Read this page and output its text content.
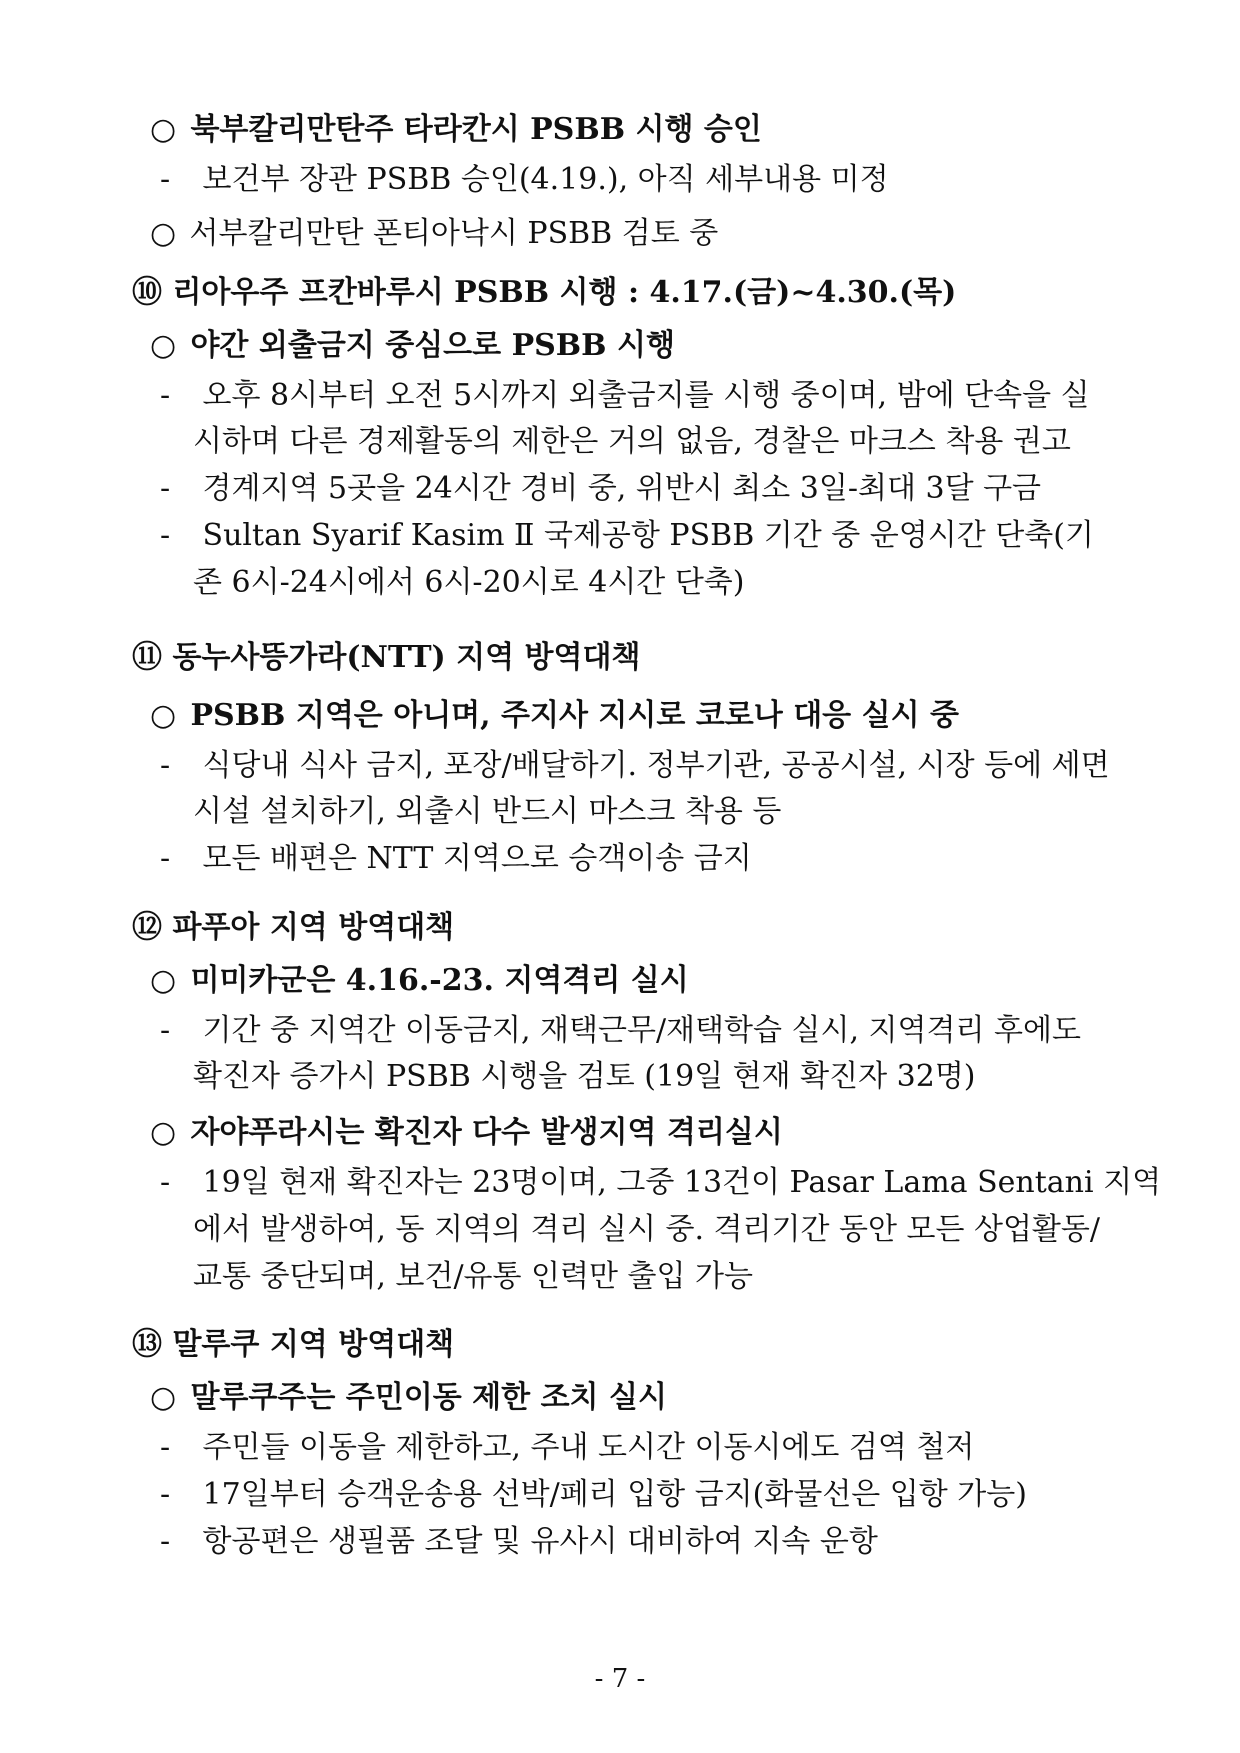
○ 북부칼리만탄주 타라칸시 PSBB 시행 승인
- 보건부 장관 PSBB 승인(4.19.), 아직 세부내용 미정
○ 서부칼리만탄 폰티아낙시 PSBB 검토 중
⑩ 리아우주 프칸바루시 PSBB 시행 : 4.17.(금)~4.30.(목)
○ 야간 외출금지 중심으로 PSBB 시행
- 오후 8시부터 오전 5시까지 외출금지를 시행 중이며, 밤에 단속을 실
시하며 다른 경제활동의 제한은 거의 없음, 경찰은 마크스 착용 권고
- 경계지역 5곳을 24시간 경비 중, 위반시 최소 3일-최대 3달 구금
- Sultan Syarif Kasim Ⅱ 국제공항 PSBB 기간 중 운영시간 단축(기
존 6시-24시에서 6시-20시로 4시간 단축)
⑪ 동누사뜽가라(NTT) 지역 방역대책
○ PSBB 지역은 아니며, 주지사 지시로 코로나 대응 실시 중
- 식당내 식사 금지, 포장/배달하기. 정부기관, 공공시설, 시장 등에 세면
시설 설치하기, 외출시 반드시 마스크 착용 등
- 모든 배편은 NTT 지역으로 승객이송 금지
⑫ 파푸아 지역 방역대책
○ 미미카군은 4.16.-23. 지역격리 실시
- 기간 중 지역간 이동금지, 재택근무/재택학습 실시, 지역격리 후에도
확진자 증가시 PSBB 시행을 검토 (19일 현재 확진자 32명)
○ 자야푸라시는 확진자 다수 발생지역 격리실시
- 19일 현재 확진자는 23명이며, 그중 13건이 Pasar Lama Sentani 지역
에서 발생하여, 동 지역의 격리 실시 중. 격리기간 동안 모든 상업활동/
교통 중단되며, 보건/유통 인력만 출입 가능
⑬ 말루쿠 지역 방역대책
○ 말루쿠주는 주민이동 제한 조치 실시
- 주민들 이동을 제한하고, 주내 도시간 이동시에도 검역 철저
- 17일부터 승객운송용 선박/페리 입항 금지(화물선은 입항 가능)
- 항공편은 생필품 조달 및 유사시 대비하여 지속 운항
- 7 -
